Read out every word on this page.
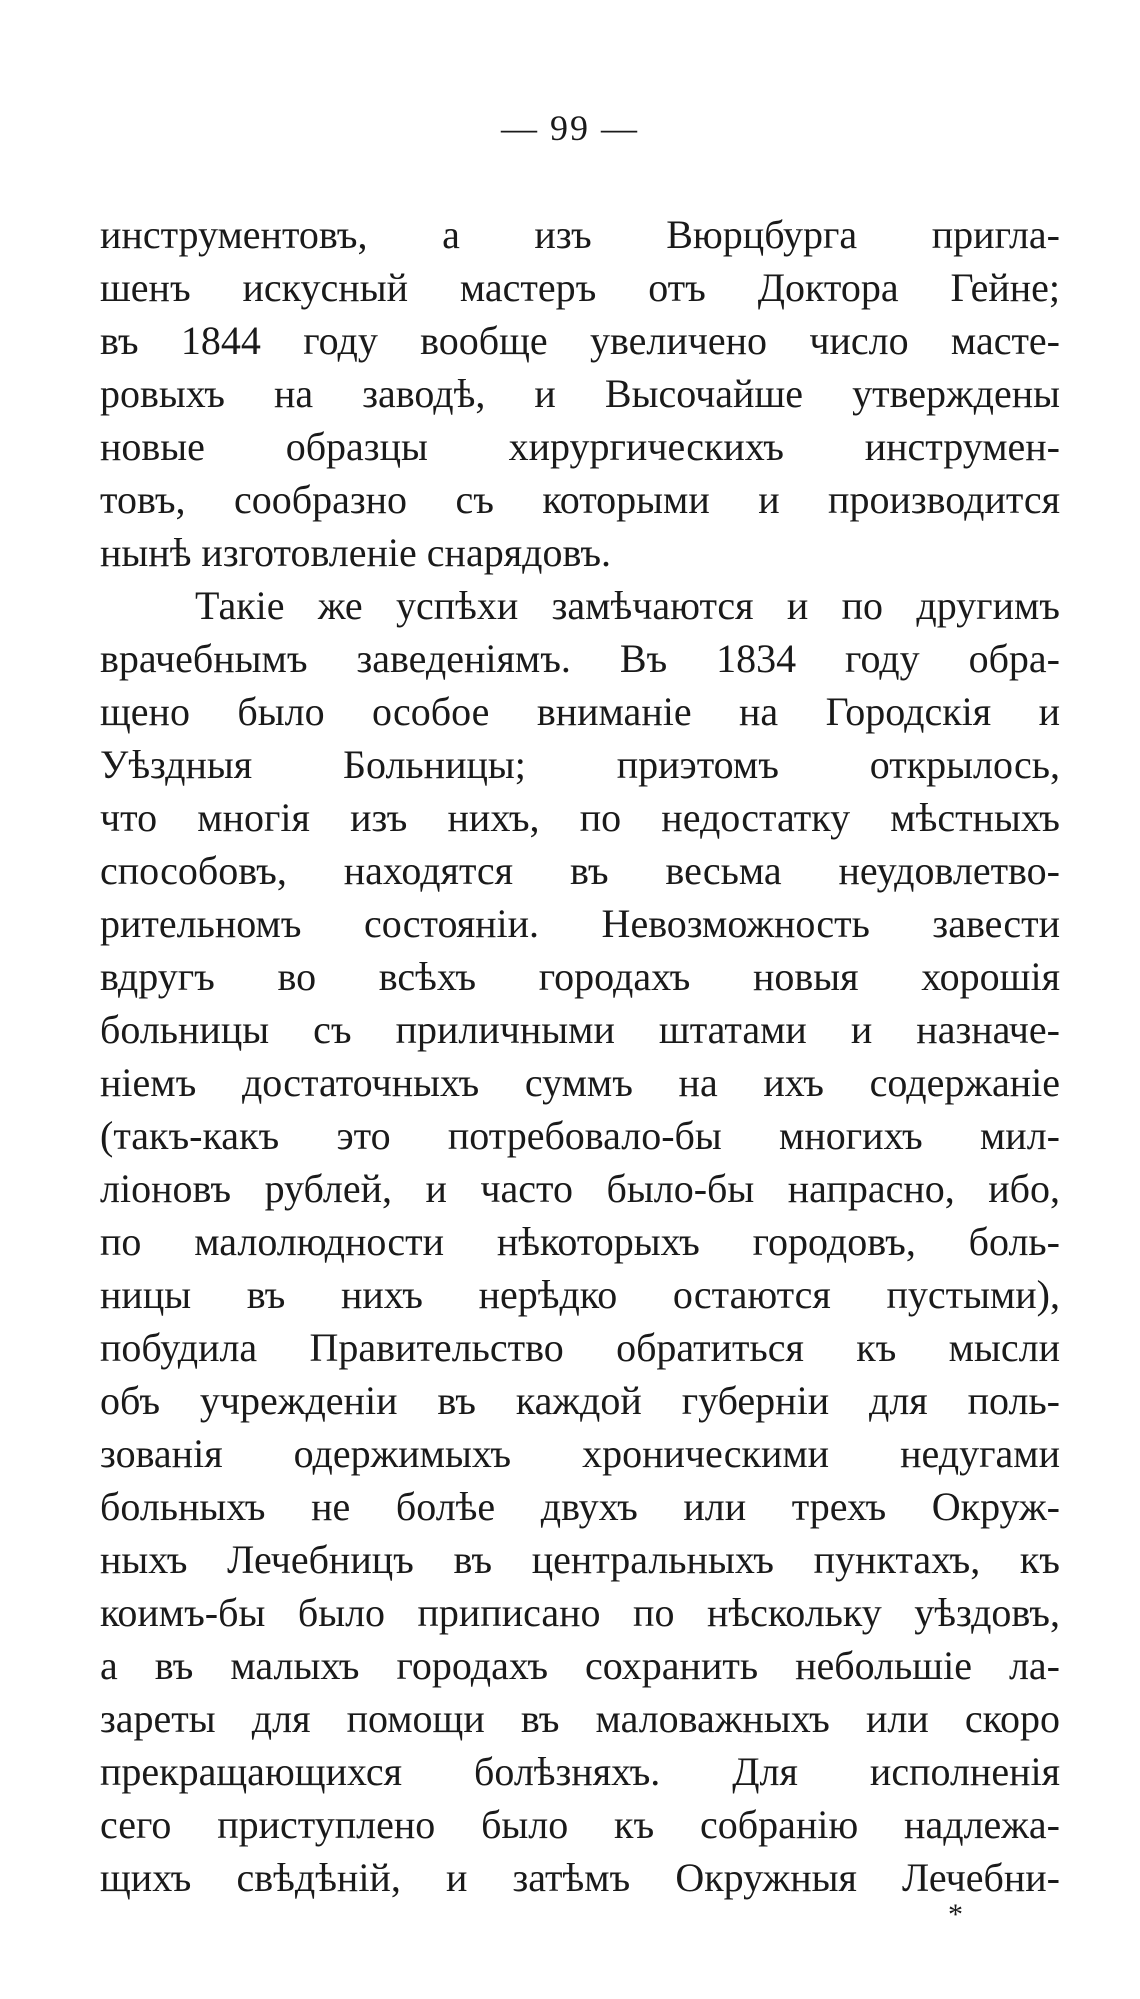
— 99 —
инструментовъ, а изъ Вюрцбурга пригла-
шенъ искусный мастеръ отъ Доктора Гейне;
въ 1844 году вообще увеличено число масте-
ровыхъ на заводѣ, и Высочайше утверждены
новые образцы хирургическихъ инструмен-
товъ, сообразно съ которыми и производится
нынѣ изготовленіе снарядовъ.
Такіе же успѣхи замѣчаются и по другимъ
врачебнымъ заведеніямъ. Въ 1834 году обра-
щено было особое вниманіе на Городскія и
Уѣздныя Больницы; приэтомъ открылось,
что многія изъ нихъ, по недостатку мѣстныхъ
способовъ, находятся въ весьма неудовлетво-
рительномъ состояніи. Невозможность завести
вдругъ во всѣхъ городахъ новыя хорошія
больницы съ приличными штатами и назначе-
ніемъ достаточныхъ суммъ на ихъ содержаніе
(такъ-какъ это потребовало-бы многихъ мил-
ліоновъ рублей, и часто было-бы напрасно, ибо,
по малолюдности нѣкоторыхъ городовъ, боль-
ницы въ нихъ нерѣдко остаются пустыми),
побудила Правительство обратиться къ мысли
объ учрежденіи въ каждой губерніи для поль-
зованія одержимыхъ хроническими недугами
больныхъ не болѣе двухъ или трехъ Окруж-
ныхъ Лечебницъ въ центральныхъ пунктахъ, къ
коимъ-бы было приписано по нѣскольку уѣздовъ,
а въ малыхъ городахъ сохранить небольшіе ла-
зареты для помощи въ маловажныхъ или скоро
прекращающихся болѣзняхъ. Для исполненія
сего приступлено было къ собранію надлежа-
щихъ свѣдѣній, и затѣмъ Окружныя Лечебни-
*
